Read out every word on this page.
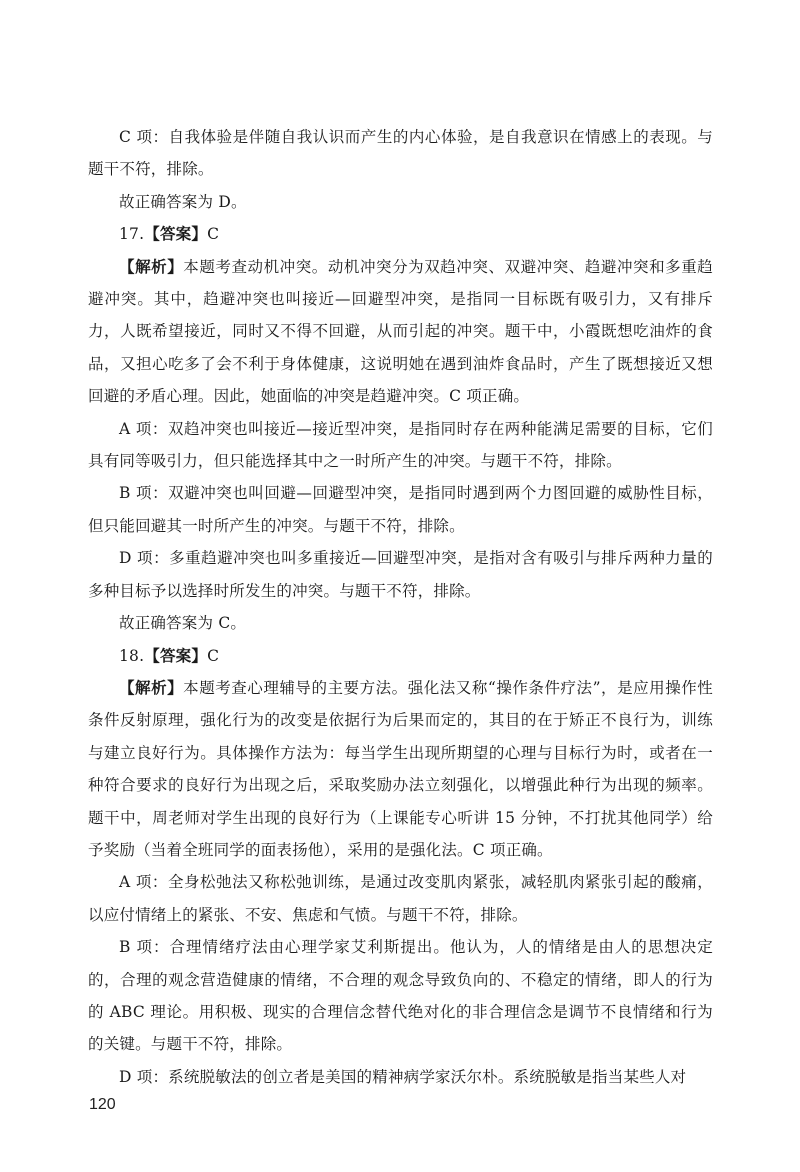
C 项：自我体验是伴随自我认识而产生的内心体验，是自我意识在情感上的表现。与题干不符，排除。

故正确答案为 D。

17.【答案】C

【解析】本题考查动机冲突。动机冲突分为双趋冲突、双避冲突、趋避冲突和多重趋避冲突。其中，趋避冲突也叫接近—回避型冲突，是指同一目标既有吸引力，又有排斥力，人既希望接近，同时又不得不回避，从而引起的冲突。题干中，小霞既想吃油炸的食品，又担心吃多了会不利于身体健康，这说明她在遇到油炸食品时，产生了既想接近又想回避的矛盾心理。因此，她面临的冲突是趋避冲突。C 项正确。

A 项：双趋冲突也叫接近—接近型冲突，是指同时存在两种能满足需要的目标，它们具有同等吸引力，但只能选择其中之一时所产生的冲突。与题干不符，排除。

B 项：双避冲突也叫回避—回避型冲突，是指同时遇到两个力图回避的威胁性目标，但只能回避其一时所产生的冲突。与题干不符，排除。

D 项：多重趋避冲突也叫多重接近—回避型冲突，是指对含有吸引与排斥两种力量的多种目标予以选择时所发生的冲突。与题干不符，排除。

故正确答案为 C。

18.【答案】C

【解析】本题考查心理辅导的主要方法。强化法又称“操作条件疗法”，是应用操作性条件反射原理，强化行为的改变是依据行为后果而定的，其目的在于矫正不良行为，训练与建立良好行为。具体操作方法为：每当学生出现所期望的心理与目标行为时，或者在一种符合要求的良好行为出现之后，采取奖励办法立刻强化，以增强此种行为出现的频率。题干中，周老师对学生出现的良好行为（上课能专心听讲 15 分钟，不打扰其他同学）给予奖励（当着全班同学的面表扬他），采用的是强化法。C 项正确。

A 项：全身松弛法又称松弛训练，是通过改变肌肉紧张，减轻肌肉紧张引起的酸痛，以应付情绪上的紧张、不安、焦虑和气愤。与题干不符，排除。

B 项：合理情绪疗法由心理学家艾利斯提出。他认为，人的情绪是由人的思想决定的，合理的观念营造健康的情绪，不合理的观念导致负向的、不稳定的情绪，即人的行为的 ABC 理论。用积极、现实的合理信念替代绝对化的非合理信念是调节不良情绪和行为的关键。与题干不符，排除。

D 项：系统脱敏法的创立者是美国的精神病学家沃尔朴。系统脱敏是指当某些人对

120
